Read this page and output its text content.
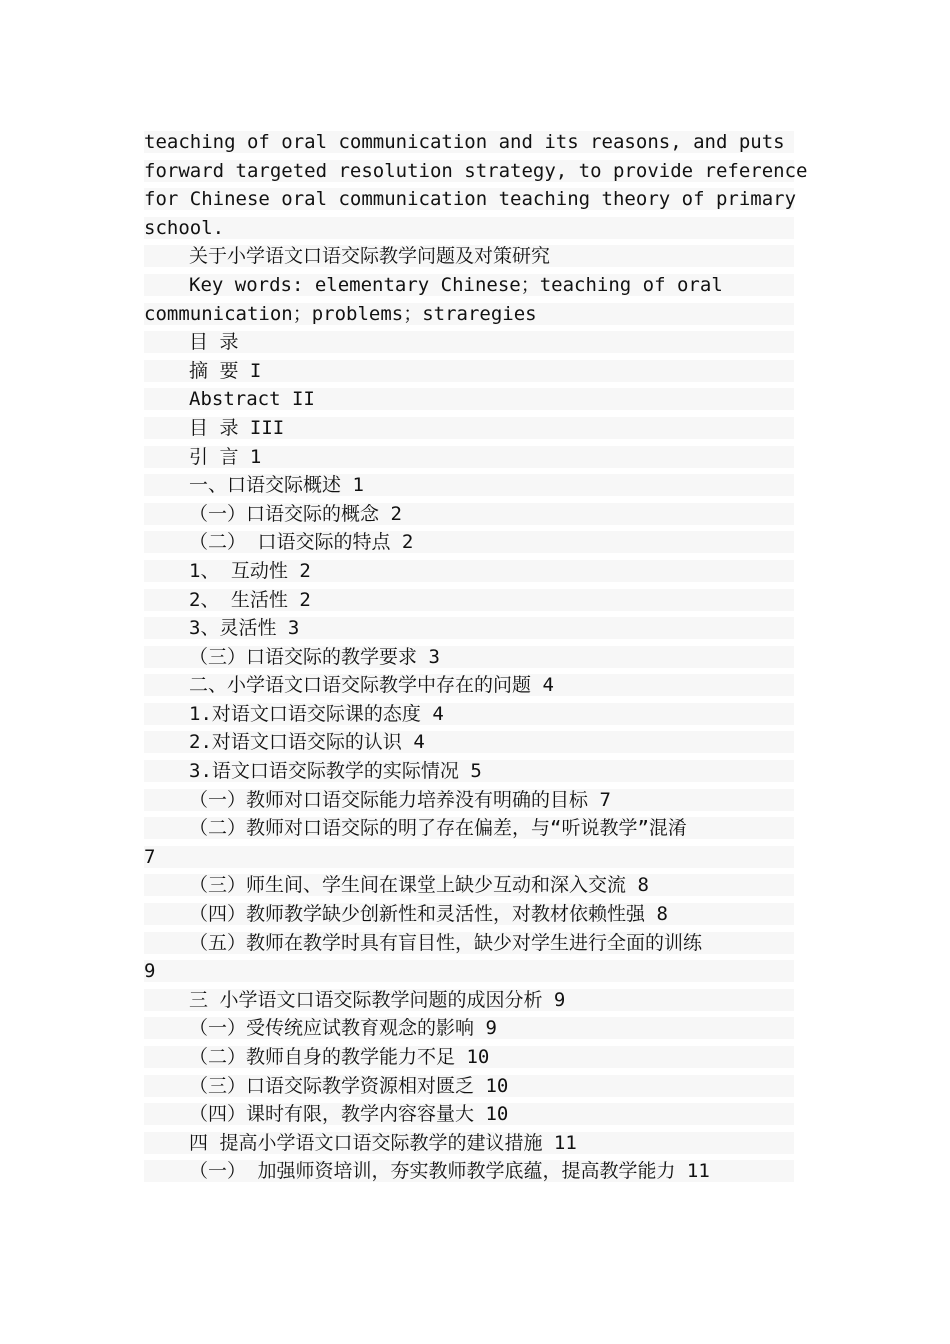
teaching of oral communication and its reasons, and puts
forward targeted resolution strategy, to provide reference
for Chinese oral communication teaching theory of primary
school.
关于小学语文口语交际教学问题及对策研究
Key words: elementary Chinese；teaching of oral
communication；problems；strareg​ies
目 录
摘 要 I
Abstract II
目 录 III
引 言 1
一、口语交际概述 1
（一）口语交际的概念 2
（二） 口语交际的特点 2
1、 互动性 2
2、 生活性 2
3、灵活性 3
（三）口语交际的教学要求 3
二、小学语文口语交际教学中存在的问题 4
1.对语文口语交际课的态度 4
2.对语文口语交际的认识 4
3.语文口语交际教学的实际情况 5
（一）教师对口语交际能力培养没有明确的目标 7
（二）教师对口语交际的明了存在偏差，与“听说教学”混淆
7
（三）师生间、学生间在课堂上缺少互动和深入交流 8
（四）教师教学缺少创新性和灵活性，对教材依赖性强 8
（五）教师在教学时具有盲目性，缺少对学生进行全面的训练
9
三 小学语文口语交际教学问题的成因分析 9
（一）受传统应试教育观念的影响 9
（二）教师自身的教学能力不足 10
（三）口语交际教学资源相对匮乏 10
（四）课时有限，教学内容容量大 10
四 提高小学语文口语交际教学的建议措施 11
（一） 加强师资培训，夯实教师教学底蕴，提高教学能力 11
